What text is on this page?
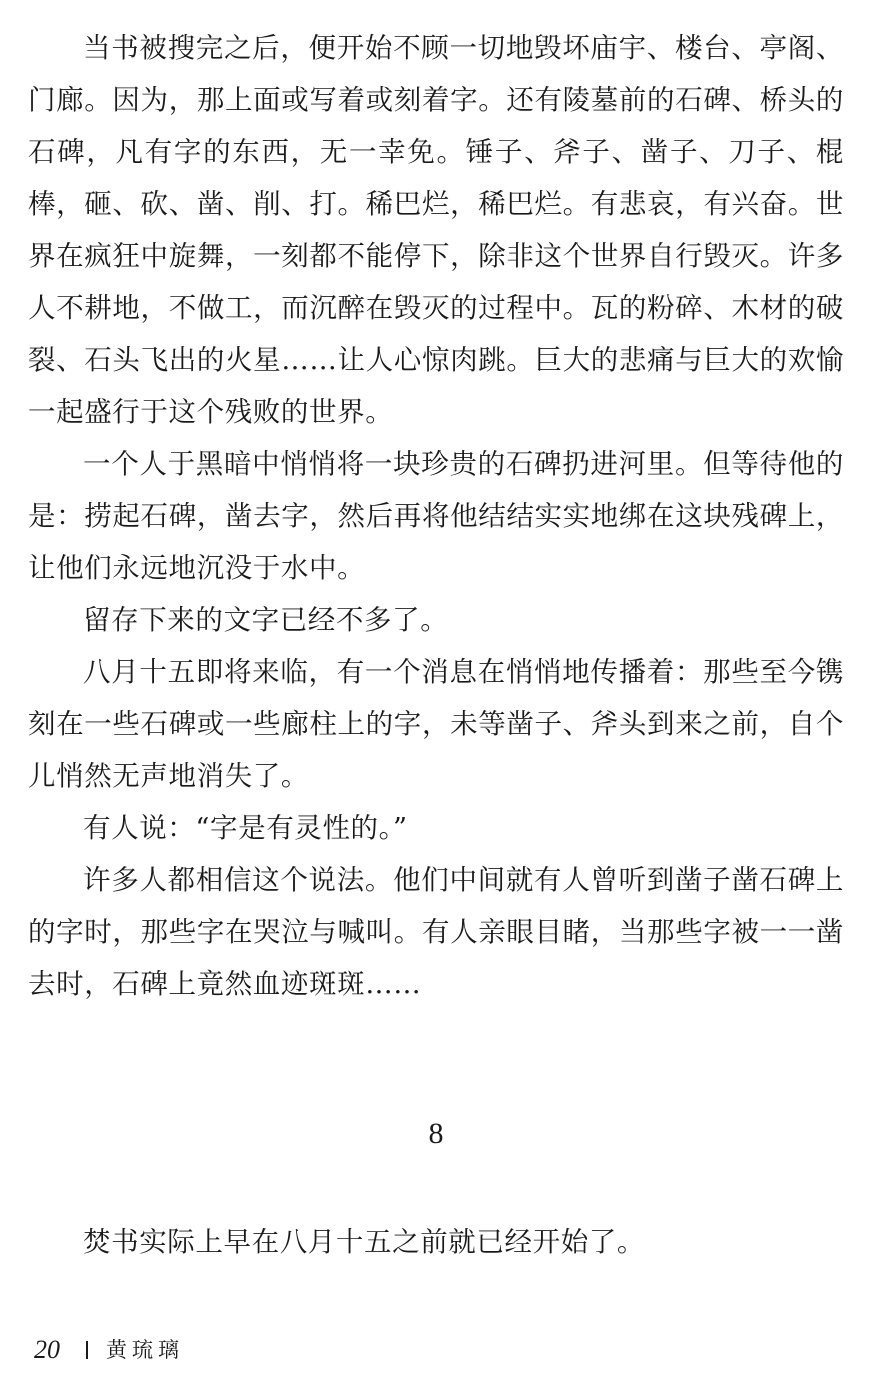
当书被搜完之后，便开始不顾一切地毁坏庙宇、楼台、亭阁、门廊。因为，那上面或写着或刻着字。还有陵墓前的石碑、桥头的石碑，凡有字的东西，无一幸免。锤子、斧子、凿子、刀子、棍棒，砸、砍、凿、削、打。稀巴烂，稀巴烂。有悲哀，有兴奋。世界在疯狂中旋舞，一刻都不能停下，除非这个世界自行毁灭。许多人不耕地，不做工，而沉醉在毁灭的过程中。瓦的粉碎、木材的破裂、石头飞出的火星……让人心惊肉跳。巨大的悲痛与巨大的欢愉一起盛行于这个残败的世界。

一个人于黑暗中悄悄将一块珍贵的石碑扔进河里。但等待他的是：捞起石碑，凿去字，然后再将他结结实实地绑在这块残碑上，让他们永远地沉没于水中。

留存下来的文字已经不多了。

八月十五即将来临，有一个消息在悄悄地传播着：那些至今镌刻在一些石碑或一些廊柱上的字，未等凿子、斧头到来之前，自个儿悄然无声地消失了。

有人说：“字是有灵性的。”

许多人都相信这个说法。他们中间就有人曾听到凿子凿石碑上的字时，那些字在哭泣与喊叫。有人亲眼目睹，当那些字被一一凿去时，石碑上竟然血迹斑斑……

8

焚书实际上早在八月十五之前就已经开始了。

20 黄琉璃
